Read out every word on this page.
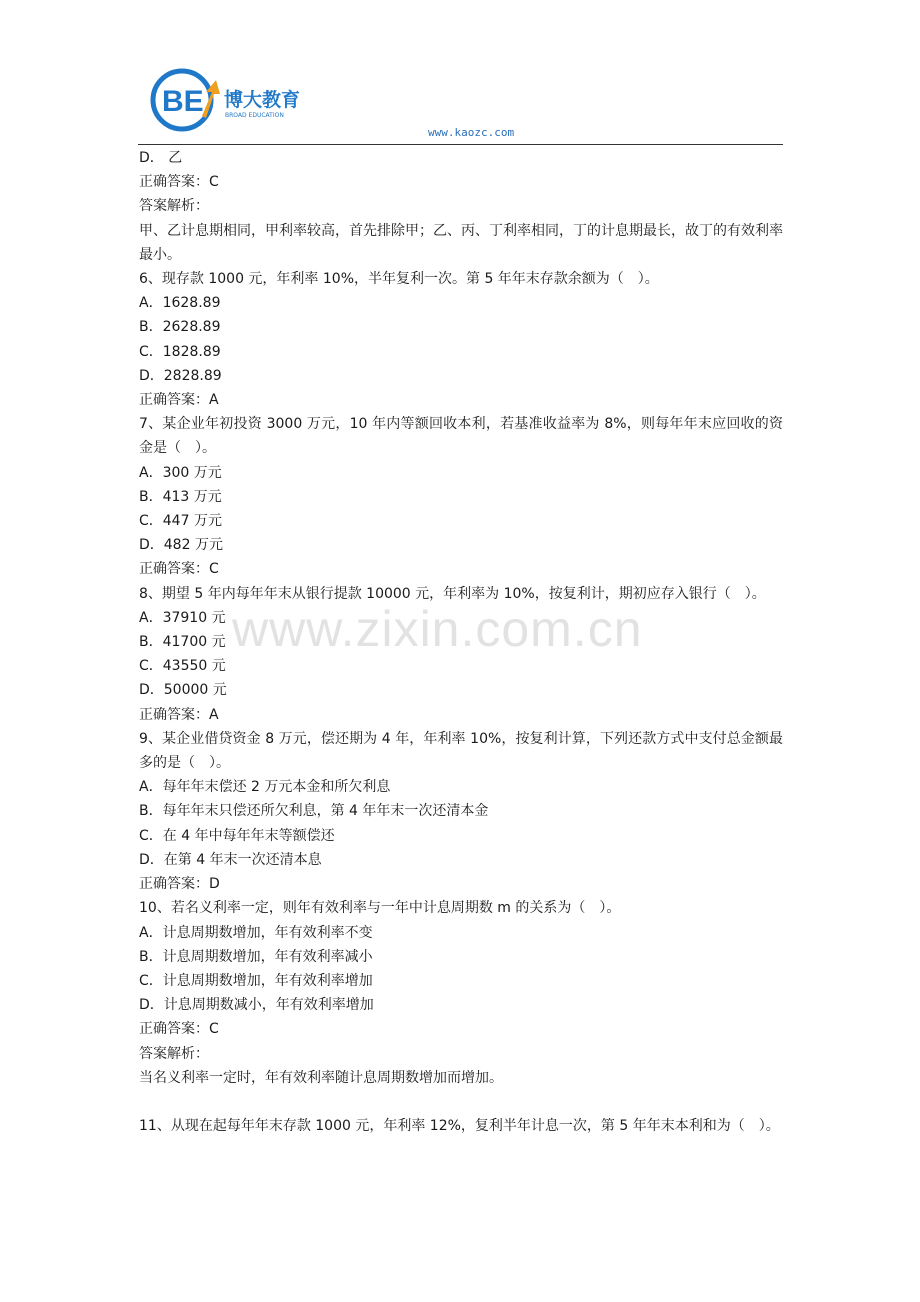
BE 博大教育
BROAD EDUCATION
www.kaozc.com
D． 乙
正确答案：C
答案解析：
甲、乙计息期相同，甲利率较高，首先排除甲；乙、丙、丁利率相同，丁的计息期最长，故丁的有效利率最小。
6、现存款 1000 元，年利率 10%，半年复利一次。第 5 年年末存款余额为（　）。
A．1628.89
B．2628.89
C．1828.89
D．2828.89
正确答案：A
7、某企业年初投资 3000 万元，10 年内等额回收本利，若基准收益率为 8%，则每年年末应回收的资金是（　）。
A．300 万元
B．413 万元
C．447 万元
D．482 万元
正确答案：C
8、期望 5 年内每年年末从银行提款 10000 元，年利率为 10%，按复利计，期初应存入银行（　）。
A．37910 元
B．41700 元
C．43550 元
D．50000 元
正确答案：A
9、某企业借贷资金 8 万元，偿还期为 4 年，年利率 10%，按复利计算，下列还款方式中支付总金额最多的是（　）。
A．每年年末偿还 2 万元本金和所欠利息
B．每年年末只偿还所欠利息，第 4 年年末一次还清本金
C．在 4 年中每年年末等额偿还
D．在第 4 年末一次还清本息
正确答案：D
10、若名义利率一定，则年有效利率与一年中计息周期数 m 的关系为（　）。
A．计息周期数增加，年有效利率不变
B．计息周期数增加，年有效利率减小
C．计息周期数增加，年有效利率增加
D．计息周期数减小，年有效利率增加
正确答案：C
答案解析：
当名义利率一定时，年有效利率随计息周期数增加而增加。
11、从现在起每年年末存款 1000 元，年利率 12%，复利半年计息一次，第 5 年年末本利和为（　）。
www.zixin.com.cn
